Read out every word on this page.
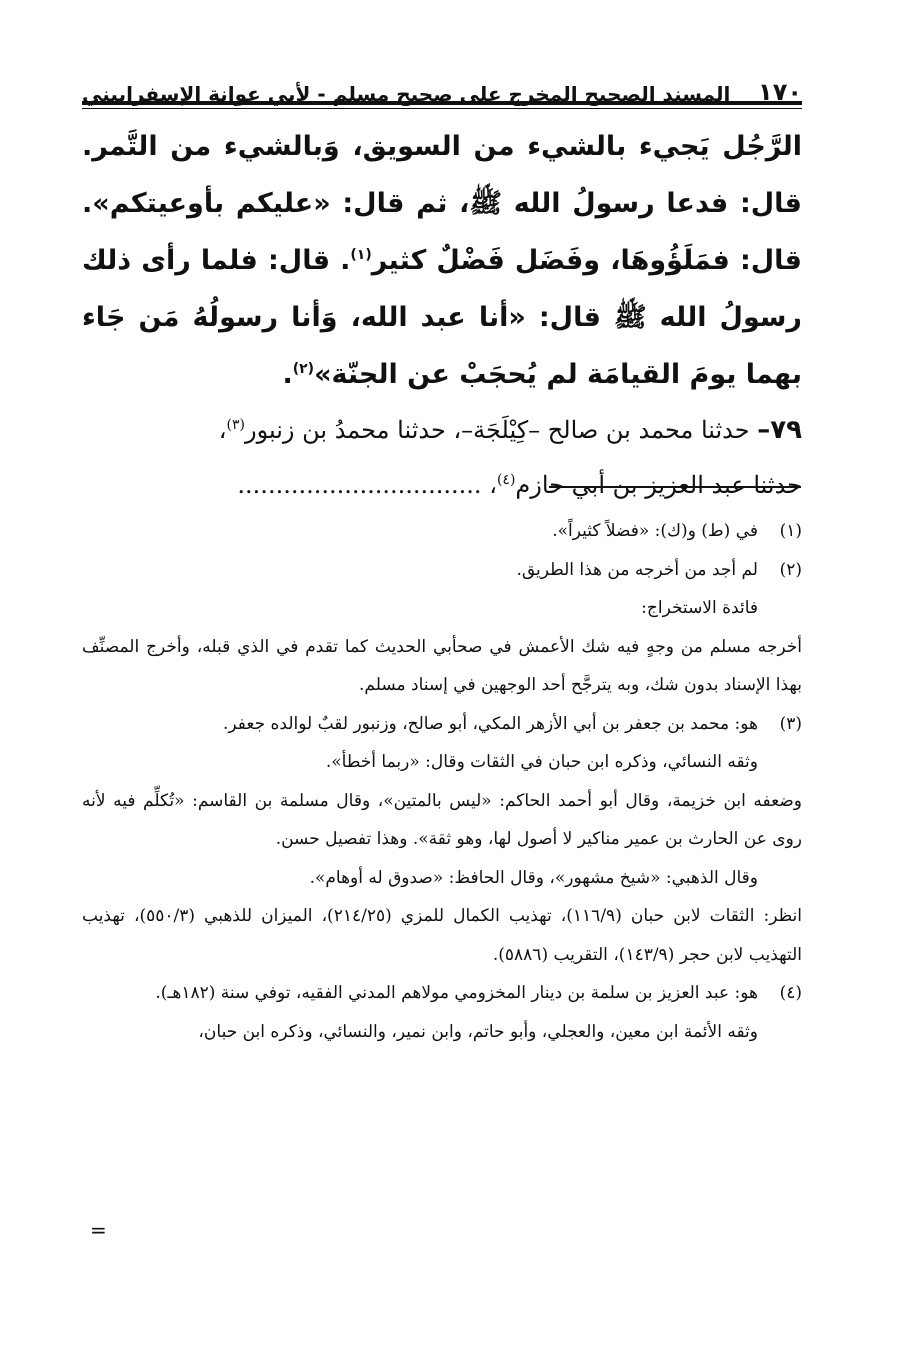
١٧٠
المسند الصحيح المخرج على صحيح مسلم - لأبي عوانة الإسفراييني

الرَّجُل يَجيء بالشيء من السويق، وَبالشيء من التَّمر. قال: فدعا رسولُ الله ﷺ، ثم قال: «عليكم بأوعيتكم». قال: فمَلَؤُوهَا، وفَضَل فَضْلٌ كثير$^{(١)}$. قال: فلما رأى ذلك رسولُ الله ﷺ قال: «أنا عبد الله، وَأنا رسولُهُ مَن جَاء بهما يومَ القيامَة لم يُحجَبْ عن الجنّة»$^{(٢)}$.

٧٩– حدثنا محمد بن صالح –كِيْلَجَة–، حدثنا محمدُ بن زنبور$^{(٣)}$،
حدثنا عبد العزيز بن أبي حازم$^{(٤)}$، ................................

(١)
في (ط) و(ك): «فضلاً كثيراً».
(٢)
لم أجد من أخرجه من هذا الطريق.

فائدة الاستخراج:

أخرجه مسلم من وجهٍ فيه شك الأعمش في صحأبي الحديث كما تقدم في الذي قبله، وأخرج المصنِّف بهذا الإسناد بدون شك، وبه يترجَّح أحد الوجهين في إسناد مسلم.

(٣)
هو: محمد بن جعفر بن أبي الأزهر المكي، أبو صالح، وزنبور لقبٌ لوالده جعفر.

وثقه النسائي، وذكره ابن حبان في الثقات وقال: «ربما أخطأ».

وضعفه ابن خزيمة، وقال أبو أحمد الحاكم: «ليس بالمتين»، وقال مسلمة بن القاسم: «تُكلِّم فيه لأنه روى عن الحارث بن عمير مناكير لا أصول لها، وهو ثقة». وهذا تفصيل حسن.

وقال الذهبي: «شيخ مشهور»، وقال الحافظ: «صدوق له أوهام».

انظر: الثقات لابن حبان (١١٦/٩)، تهذيب الكمال للمزي (٢١٤/٢٥)، الميزان للذهبي (٥٥٠/٣)، تهذيب التهذيب لابن حجر (١٤٣/٩)، التقريب (٥٨٨٦).

(٤)
هو: عبد العزيز بن سلمة بن دينار المخزومي مولاهم المدني الفقيه، توفي سنة (١٨٢هـ).

وثقه الأئمة ابن معين، والعجلي، وأبو حاتم، وابن نمير، والنسائي، وذكره ابن حبان،

=
